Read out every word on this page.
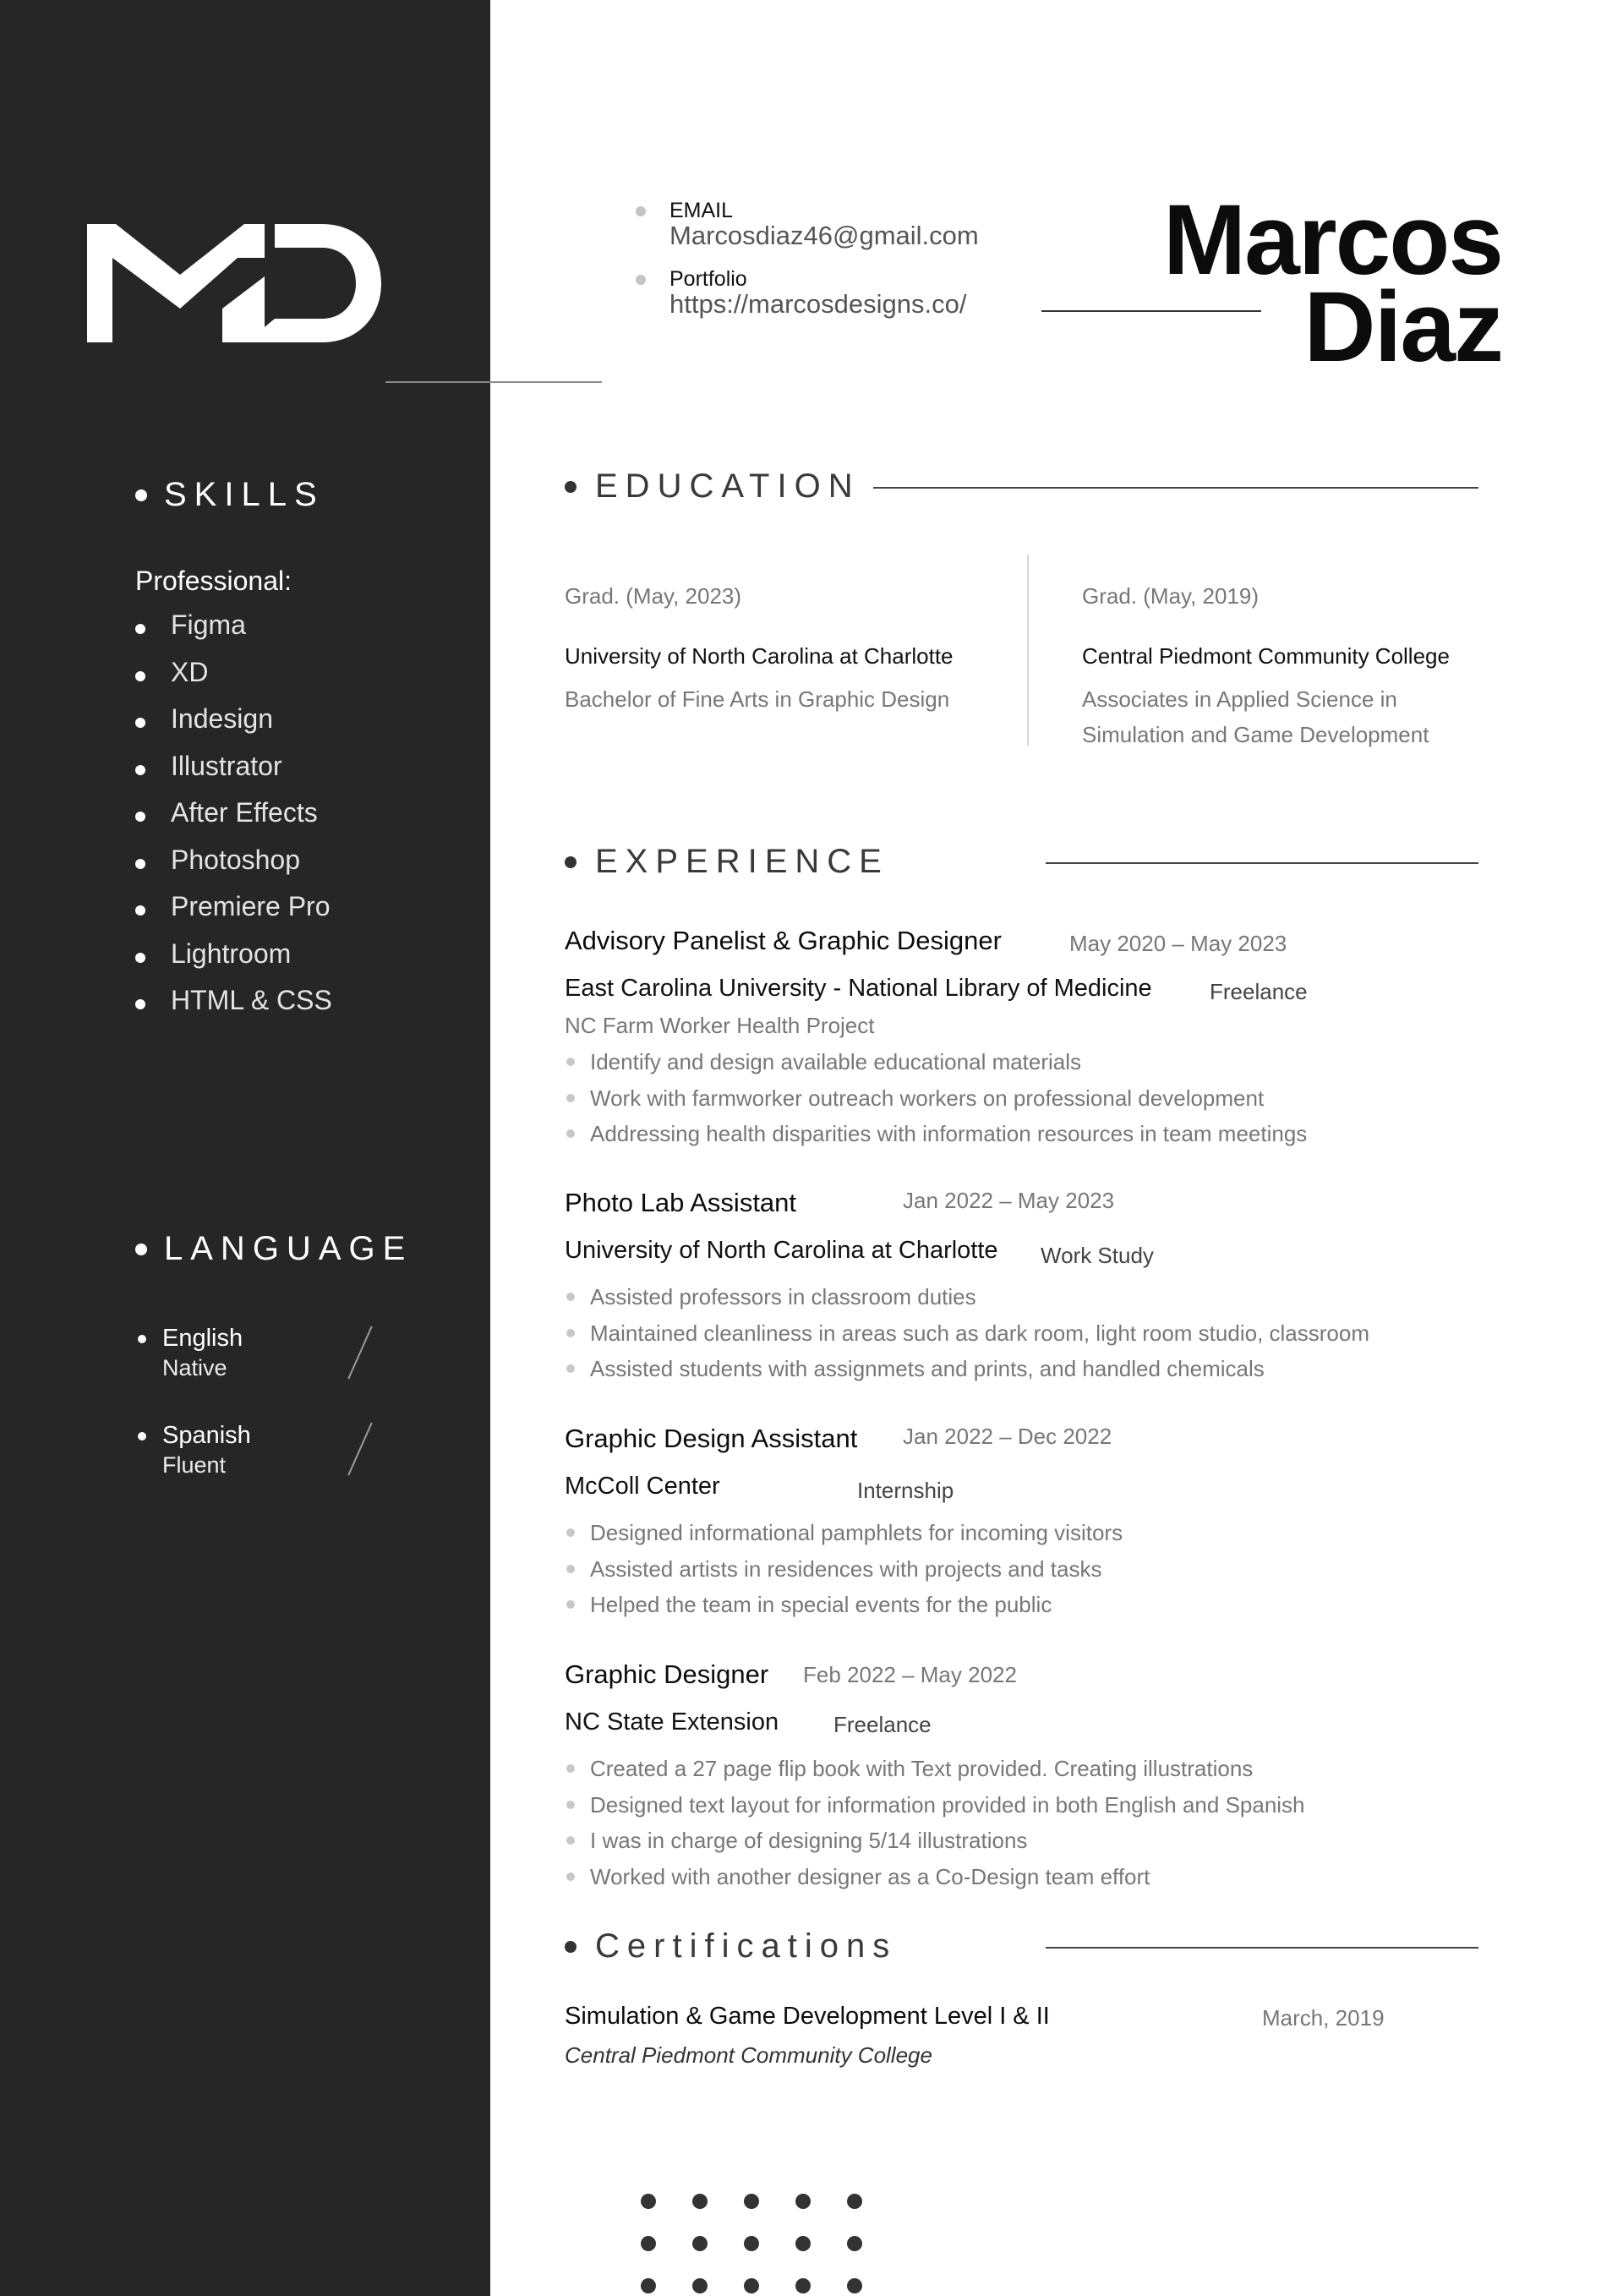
SKILLS
Professional:
Figma
XD
Indesign
Illustrator
After Effects
Photoshop
Premiere Pro
Lightroom
HTML & CSS
LANGUAGE
English
Native
Spanish
Fluent
EMAIL
Marcosdiaz46@gmail.com
Portfolio
https://marcosdesigns.co/
Marcos
Diaz
EDUCATION
Grad. (May, 2023)
University of North Carolina at Charlotte
Bachelor of Fine Arts in Graphic Design
Grad. (May, 2019)
Central Piedmont Community College
Associates in Applied Science in Simulation and Game Development
EXPERIENCE
Advisory Panelist & Graphic Designer	May 2020 – May 2023
East Carolina University - National Library of Medicine	Freelance
NC Farm Worker Health Project
Identify and design available educational materials
Work with farmworker outreach workers on professional development
Addressing health disparities with information resources in team meetings
Photo Lab Assistant	Jan 2022 – May 2023
University of North Carolina at Charlotte Work Study
Assisted professors in classroom duties
Maintained cleanliness in areas such as dark room, light room studio, classroom
Assisted students with assignmets and prints, and handled chemicals
Graphic Design Assistant Jan 2022 – Dec 2022
McColl Center	Internship
Designed informational pamphlets for incoming visitors
Assisted artists in residences with projects and tasks
Helped the team in special events for the public
Graphic Designer Feb 2022 – May 2022
NC State Extension Freelance
Created a 27 page flip book with Text provided. Creating illustrations
Designed text layout for information provided in both English and Spanish
I was in charge of designing 5/14 illustrations
Worked with another designer as a Co-Design team effort
Certifications
Simulation & Game Development Level I & II	March, 2019
Central Piedmont Community College
